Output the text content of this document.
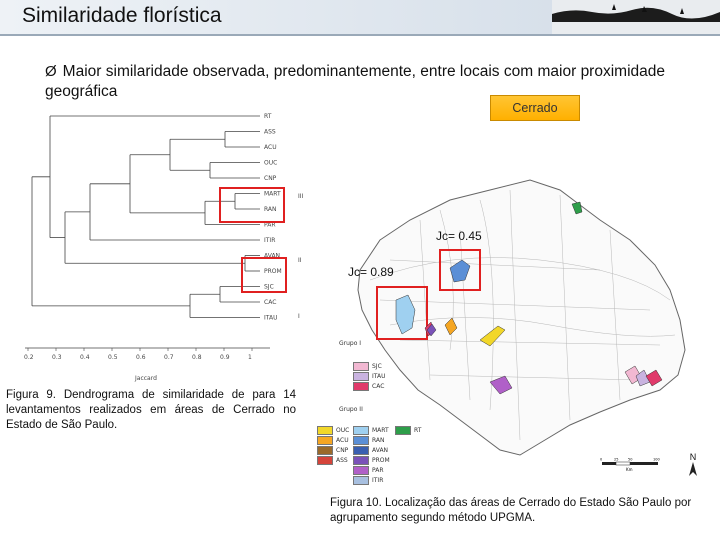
Similaridade florística
Ø Maior similaridade observada, predominantemente, entre locais com maior proximidade geográfica
Cerrado
RT
ASS
ACU
OUC
CNP
MART
RAN
PAR
ITIR
AVAN
PROM
SJC
CAC
ITAU
III
II
I
0.2	0.3	0.4	0.5	0.6	0.7	0.8	0.9	1
Jaccard
Figura 9. Dendrograma de similaridade de para 14 levantamentos realizados em áreas de Cerrado no Estado de São Paulo.
Jc= 0.45
Jc= 0.89
Grupo I
SJC
ITAU
CAC
Grupo II
OUC
ACU
CNP
ASS
MART
RAN
AVAN
PROM
PAR
ITIR
RT
0	25	50	100
Km
N
Figura 10. Localização das áreas de Cerrado do Estado São Paulo por agrupamento segundo método UPGMA.
